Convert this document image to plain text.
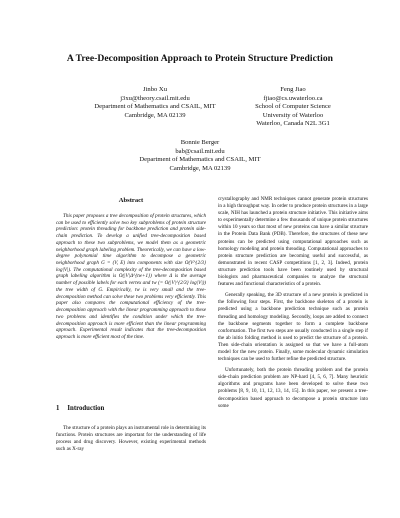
A Tree-Decomposition Approach to Protein Structure Prediction
Jinbo Xu
j3xu@theory.csail.mit.edu
Department of Mathematics and CSAIL, MIT
Cambridge, MA 02139
Feng Jiao
fjiao@cs.uwaterloo.ca
School of Computer Science
University of Waterloo
Waterloo, Canada N2L 3G1
Bonnie Berger
bab@csail.mit.edu
Department of Mathematics and CSAIL, MIT
Cambridge, MA 02139
Abstract

This paper proposes a tree decomposition of protein structures, which can be used to efficiently solve two key subproblems of protein structure prediction: protein threading for backbone prediction and protein side-chain prediction. To develop a unified tree-decomposition based approach to these two subproblems, we model them as a geometric neighborhood graph labeling problem. Theoretically, we can have a low-degree polynomial time algorithm to decompose a geometric neighborhood graph G = (V, E) into components with size O(V^{2/3} log|V|). The computational complexity of the tree-decomposition based graph labeling algorithm is O(|V|Δ^{tw+1}) where Δ is the average number of possible labels for each vertex and tw (= O(|V|^{2/3} log|V|)) the tree width of G. Empirically, tw is very small and the tree-decomposition method can solve these two problems very efficiently. This paper also compares the computational efficiency of the tree-decomposition approach with the linear programming approach to these two problems and identifies the condition under which the tree-decomposition approach is more efficient than the linear programming approach. Experimental result indicates that the tree-decomposition approach is more efficient most of the time.

1 Introduction

The structure of a protein plays an instrumental role in determining its functions. Protein structures are important for the understanding of life process and drug discovery. However, existing experimental methods such as X-ray

crystallography and NMR techniques cannot generate protein structures in a high throughput way. In order to produce protein structures in a large scale, NIH has launched a protein structure initiative. This initiative aims to experimentally determine a few thousands of unique protein structures within 10 years so that most of new proteins can have a similar structure in the Protein Data Bank (PDB). Therefore, the structures of these new proteins can be predicted using computational approaches such as homology modeling and protein threading. Computational approaches to protein structure prediction are becoming useful and successful, as demonstrated in recent CASP competitions [1, 2, 3]. Indeed, protein structure prediction tools have been routinely used by structural biologists and pharmaceutical companies to analyze the structural features and functional characteristics of a protein.

Generally speaking, the 3D structure of a new protein is predicted in the following four steps. First, the backbone skeleton of a protein is predicted using a backbone prediction technique such as protein threading and homology modeling. Secondly, loops are added to connect the backbone segments together to form a complete backbone conformation. The first two steps are usually conducted in a single step if the ab initio folding method is used to predict the structure of a protein. Then side-chain orientation is assigned so that we have a full-atom model for the new protein. Finally, some molecular dynamic simulation techniques can be used to further refine the predicted structure.

Unfortunately, both the protein threading problem and the protein side-chain prediction problem are NP-hard [4, 5, 6, 7]. Many heuristic algorithms and programs have been developed to solve these two problems [8, 9, 10, 11, 12, 13, 14, 15]. In this paper, we present a tree-decomposition based approach to decompose a protein structure into some
